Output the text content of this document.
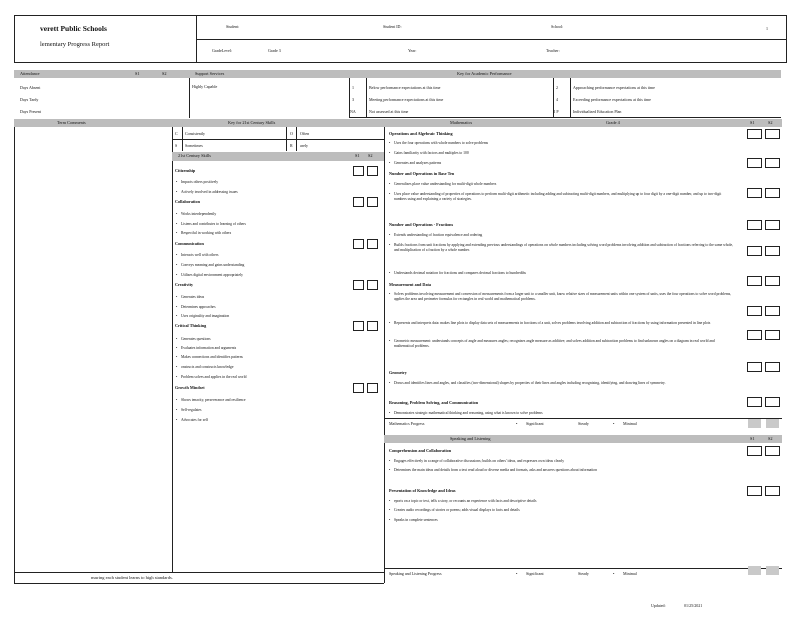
verett Public Schools
lementary Progress Report
Student:	Student ID:	School:	1
GradeLevel:	Grade 3	Year:	Teacher:
Attendance	S1	S2
Days Absent
Days Tardy
Days Present
Support Services
Highly Capable
Key for Academic Performance
1	Below performance expectations at this time	2	Approaching performance expectations at this time
3	Meeting performance expectations at this time	4	Exceeding performance expectations at this time
NA	Not assessed at this time	I P	Individualized Education Plan
Term Comments
nsuring each student learns to high standards.
Key for 21st Century Skills
C Consistently	O Often
S Sometimes	R arely
21st Century Skills	S1 S2
Citizenship
• Impacts others positively
• Actively involved in addressing issues
Collaboration
• Works interdependently
• Listens and contributes to learning of others
• Respectful in working with others
Communication
• Interacts well with others
• Conveys meaning and gains understanding
• Utilizes digital environment appropriately
Creativity
• Generates ideas
• Determines approaches
• Uses originality and imagination
Critical Thinking
• Generates questions
• Evaluates information and arguments
• Makes connections and identifies patterns
• onstructs and constructs knowledge
• Problem solves and applies in the real world
Growth Mindset
• Shows tenacity, perseverance and resilience
• Self-regulates
• Advocates for self
Mathematics	Grade 4	S1	S2
Operations and Algebraic Thinking
• Uses the four operations with whole numbers to solve problems
• Gains familiarity with factors and multiples to 100
• Generates and analyzes patterns
Number and Operations in Base Ten
• Generalizes place value understanding for multi-digit whole numbers
• Uses place value understanding of properties of operations to perform multi-digit arithmetic including adding and subtracting multi-digit numbers, and multiplying up to four digit by a one-digit number, and up to two-digit numbers using and explaining a variety of strategies.
Number and Operations - Fractions
• Extends understanding of fraction equivalence and ordering
• Builds fractions from unit fractions by applying and extending previous understandings of operations on whole numbers including solving word problems involving addition and subtraction of fractions referring to the same whole, and multiplication of a fraction by a whole number.
• Understands decimal notation for fractions and compares decimal fractions to hundredths
Measurement and Data
• Solves problems involving measurement and conversion of measurements from a larger unit to a smaller unit, know relative sizes of measurement units within one system of units, uses the four operations to solve word problems, applies the area and perimeter formulas for rectangles in real world and mathematical problems.
• Represents and interprets data: makes line plots to display data sets of measurements in fractions of a unit, solves problems involving addition and subtraction of fractions by using information presented in line plots
• Geometric measurement: understands concepts of angle and measures angles; recognizes angle measure as additive; and solves addition and subtraction problems to find unknown angles on a diagram in real world and mathematical problems.
Geometry
• Draws and identifies lines and angles, and classifies (two-dimensional) shapes by properties of their lines and angles including recognizing, identifying, and drawing lines of symmetry.
Reasoning, Problem Solving, and Communication
• Demonstrates strategic mathematical thinking and reasoning, using what is known to solve problems
Mathematics Progress	Significant	Steady	Minimal
•	•
Speaking and Listening	S1	S2
Comprehension and Collaboration
• Engages effectively in a range of collaborative discussions; builds on others' ideas, and expresses own ideas clearly
• Determines the main ideas and details from a text read aloud or diverse media and formats, asks and answers questions about information
Presentation of Knowledge and Ideas
• eports on a topic or text, tells a story, or recounts an experience with facts and descriptive details
• Creates audio recordings of stories or poems; adds visual displays to facts and details
• Speaks in complete sentences
Speaking and Listening Progress	Significant	Steady	Minimal
•	•
Updated:	01/25/2021
